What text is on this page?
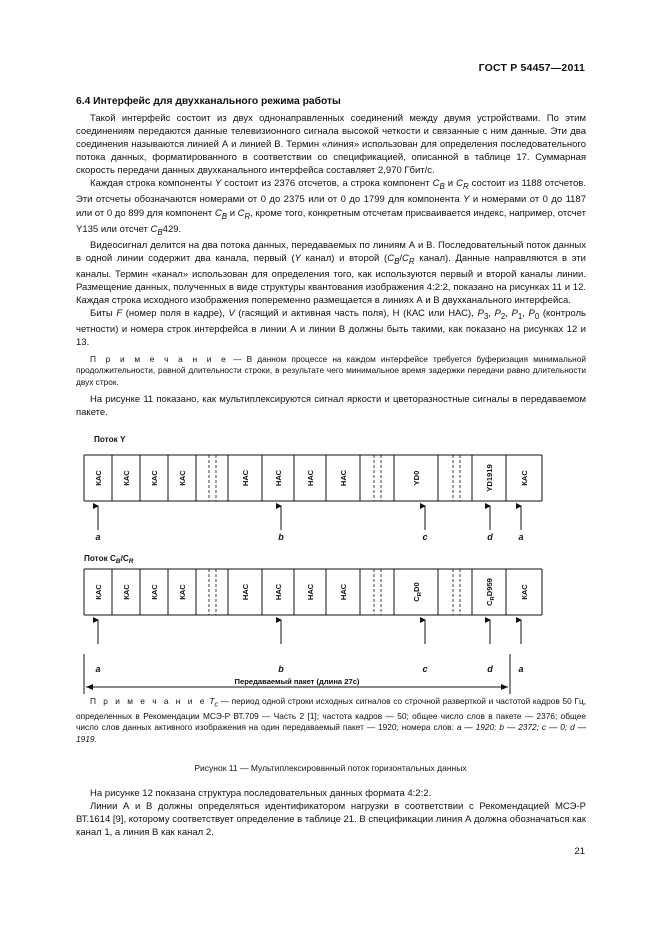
ГОСТ Р 54457—2011
6.4 Интерфейс для двухканального режима работы

Такой интерфейс состоит из двух однонаправленных соединений между двумя устройствами. По этим соединениям передаются данные телевизионного сигнала высокой четкости и связанные с ним данные. Эти два соединения называются линией А и линией В. Термин «линия» использован для определения последовательного потока данных, форматированного в соответствии со спецификацией, описанной в таблице 17. Суммарная скорость передачи данных двухканального интерфейса составляет 2,970 Гбит/с.

Каждая строка компоненты Y состоит из 2376 отсчетов, а строка компонент $C_B$ и $C_R$ состоит из 1188 отсчетов. Эти отсчеты обозначаются номерами от 0 до 2375 или от 0 до 1799 для компонента Y и номерами от 0 до 1187 или от 0 до 899 для компонент $C_B$ и $C_R$, кроме того, конкретным отсчетам присваивается индекс, например, отсчет Y135 или отсчет $C_B429$.

Видеосигнал делится на два потока данных, передаваемых по линиям А и В. Последовательный поток данных в одной линии содержит два канала, первый (Y канал) и второй ($C_B/C_R$ канал). Данные направляются в эти каналы. Термин «канал» использован для определения того, как используются первый и второй каналы линии. Размещение данных, полученных в виде структуры квантования изображения 4:2:2, показано на рисунках 11 и 12. Каждая строка исходного изображения попеременно размещается в линиях А и В двухканального интерфейса.

Биты F (номер поля в кадре), V (гасящий и активная часть поля), Н (КАС или НАС), $P_3$, $P_2$, $P_1$, $P_0$ (контроль четности) и номера строк интерфейса в линии А и линии В должны быть такими, как показано на рисунках 12 и 13.

П р и м е ч а н и е — В данном процессе на каждом интерфейсе требуется буферизация минимальной продолжительности, равной длительности строки, в результате чего минимальное время задержки передачи равно длительности двух строк.

На рисунке 11 показано, как мультиплексируются сигнал яркости и цветоразностные сигналы в передаваемом пакете.

Поток Y
КАС	КАС	КАС	КАС	НАС	НАС	НАС	НАС	YD0	YD1919	КАС
a	b	c	d	a
Поток $C_B/C_R$
КАС	КАС	КАС	КАС	НАС	НАС	НАС	НАС	$C_RD0$
$C_RD959$	КАС
a	b	c	d	a
Передаваемый пакет (длина 27с)

П р и м е ч а н и е $T_c$ — период одной строки исходных сигналов со строчной разверткой и частотой кадров 50 Гц, определенных в Рекомендации МСЭ-Р ВТ.709 — Часть 2 [1]; частота кадров — 50; общее число слов в пакете — 2376; общее число слов данных активного изображения на один передаваемый пакет — 1920; номера слов: a — 1920; b — 2372; c — 0; d — 1919.

Рисунок 11 — Мультиплексированный поток горизонтальных данных

На рисунке 12 показана структура последовательных данных формата 4:2:2.

Линии А и В должны определяться идентификатором нагрузки в соответствии с Рекомендацией МСЭ-Р ВТ.1614 [9], которому соответствует определение в таблице 21. В спецификации линия А должна обозначаться как канал 1, а линия В как канал 2.

21
